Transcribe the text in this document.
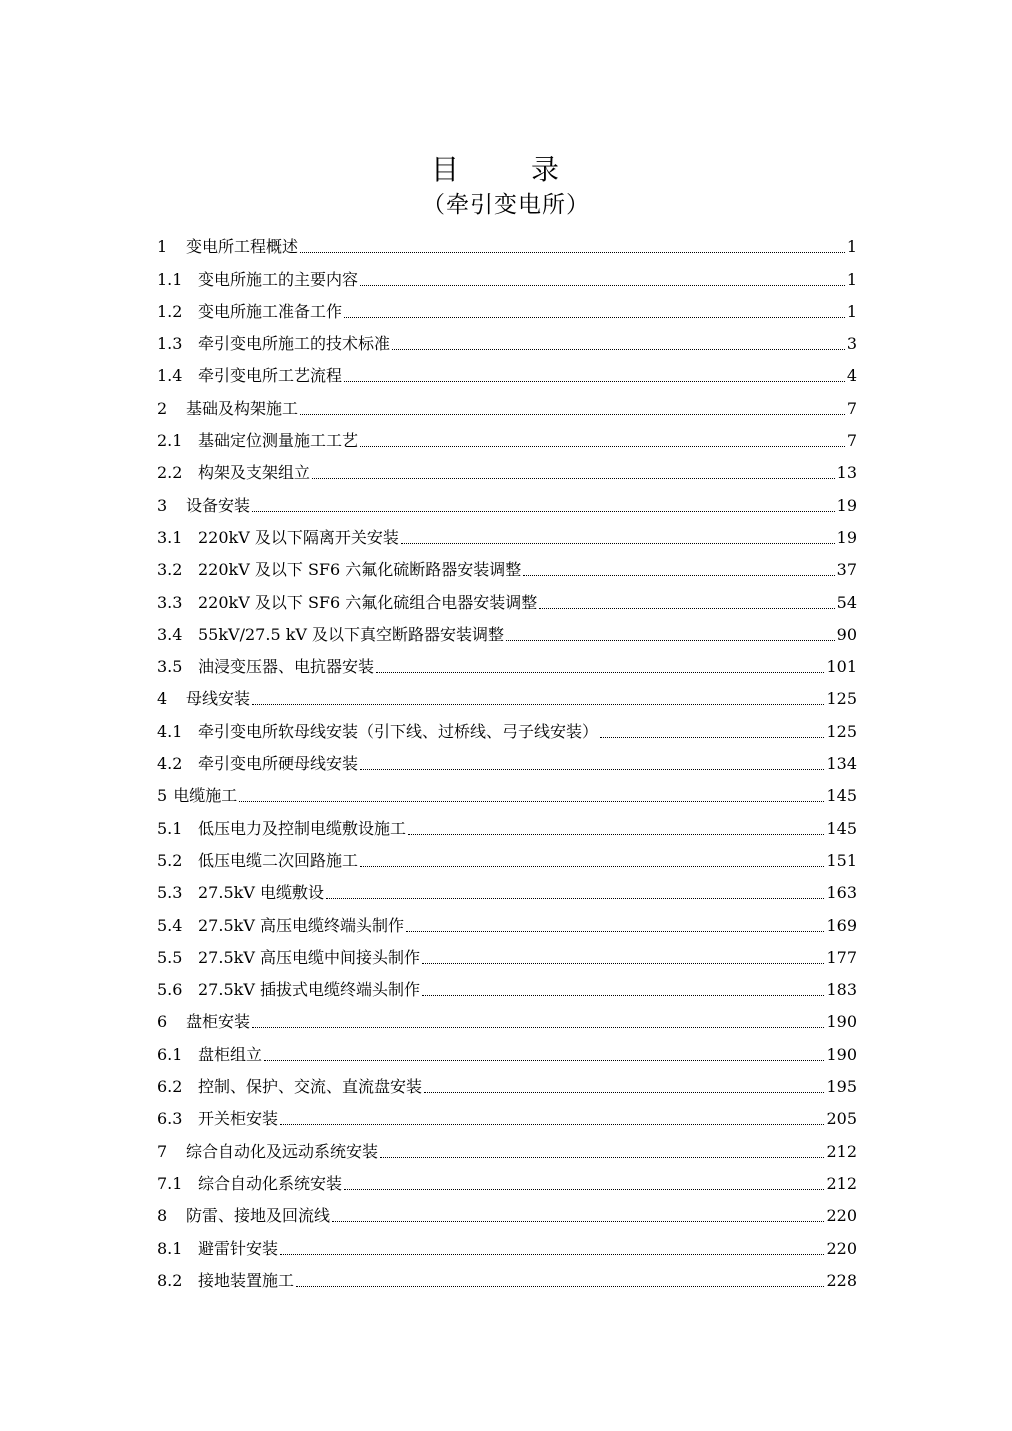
目　录
（牵引变电所）
1	变电所工程概述	1
1.1 变电所施工的主要内容	1
1.2 变电所施工准备工作	1
1.3 牵引变电所施工的技术标准	3
1.4 牵引变电所工艺流程	4
2	基础及构架施工	7
2.1 基础定位测量施工工艺	7
2.2 构架及支架组立	13
3	设备安装	19
3.1 220kV 及以下隔离开关安装	19
3.2 220kV 及以下 SF6 六氟化硫断路器安装调整	37
3.3 220kV 及以下 SF6 六氟化硫组合电器安装调整	54
3.4 55kV/27.5 kV 及以下真空断路器安装调整	90
3.5 油浸变压器、电抗器安装	101
4	母线安装	125
4.1 牵引变电所软母线安装（引下线、过桥线、弓子线安装）	125
4.2 牵引变电所硬母线安装	134
5 电缆施工	145
5.1 低压电力及控制电缆敷设施工	145
5.2 低压电缆二次回路施工	151
5.3 27.5kV 电缆敷设	163
5.4 27.5kV 高压电缆终端头制作	169
5.5 27.5kV 高压电缆中间接头制作	177
5.6 27.5kV 插拔式电缆终端头制作	183
6	盘柜安装	190
6.1 盘柜组立	190
6.2 控制、保护、交流、直流盘安装	195
6.3 开关柜安装	205
7	综合自动化及远动系统安装	212
7.1 综合自动化系统安装	212
8	防雷、接地及回流线	220
8.1 避雷针安装	220
8.2 接地装置施工	228
